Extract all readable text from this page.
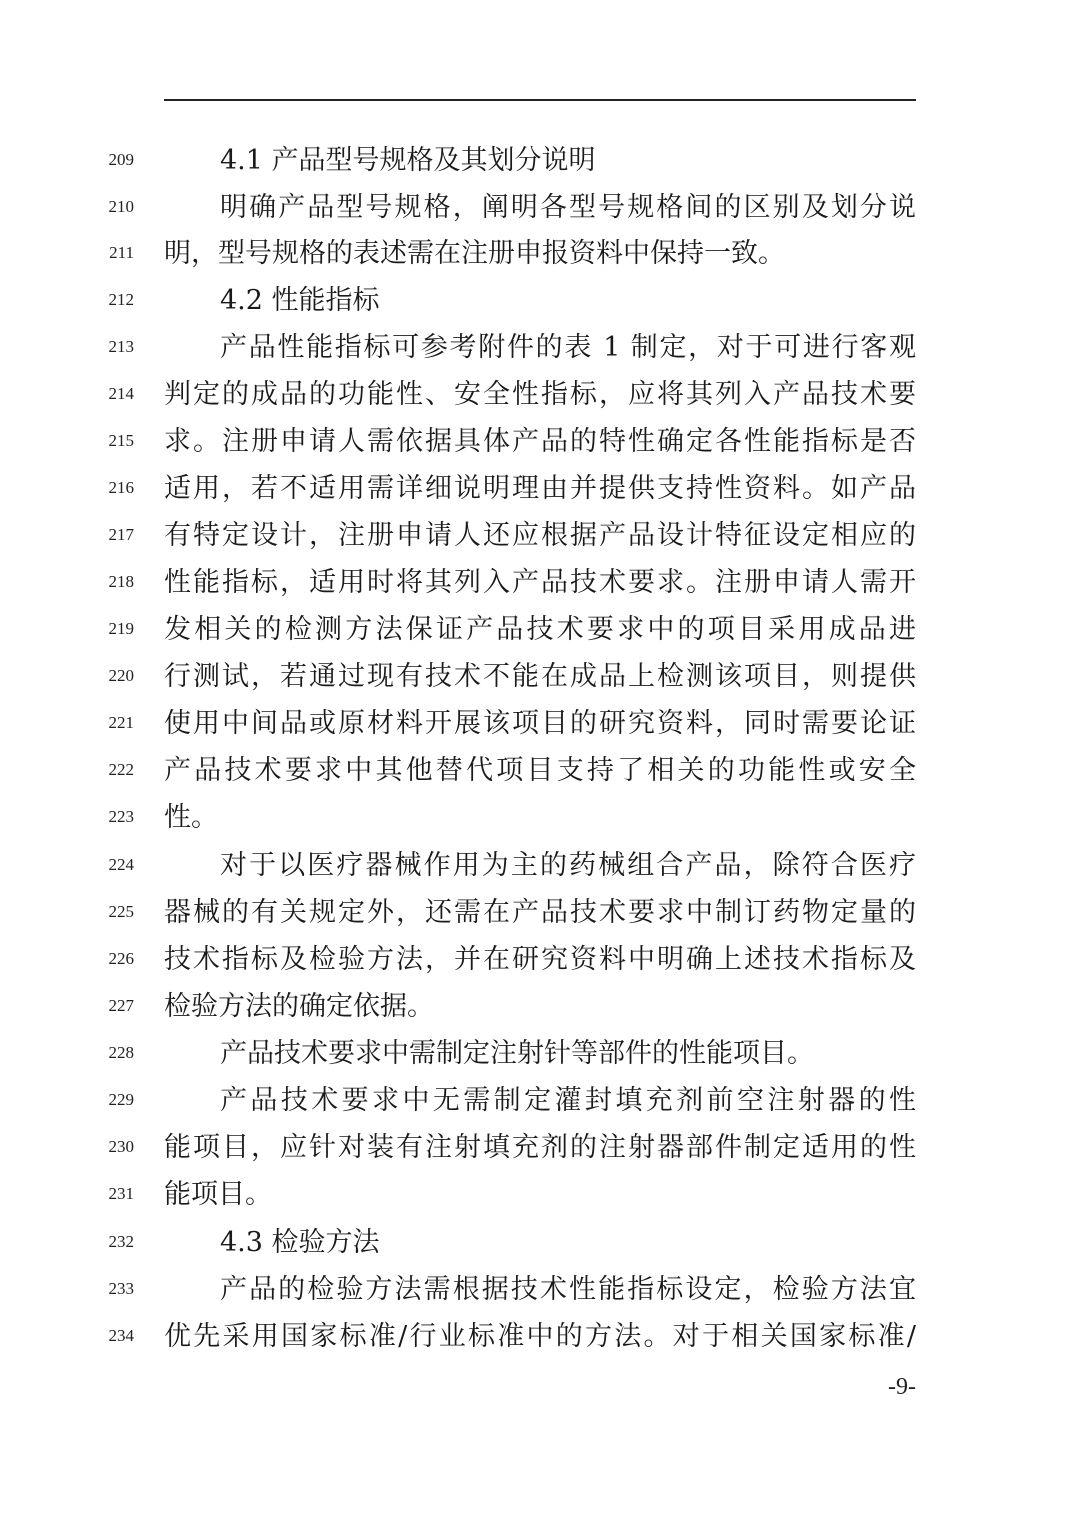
209	4.1 产品型号规格及其划分说明
210	明确产品型号规格，阐明各型号规格间的区别及划分说
211 明，型号规格的表述需在注册申报资料中保持一致。
212	4.2 性能指标
213	产品性能指标可参考附件的表 1 制定，对于可进行客观
214 判定的成品的功能性、安全性指标，应将其列入产品技术要
215 求。注册申请人需依据具体产品的特性确定各性能指标是否
216 适用，若不适用需详细说明理由并提供支持性资料。如产品
217 有特定设计，注册申请人还应根据产品设计特征设定相应的
218 性能指标，适用时将其列入产品技术要求。注册申请人需开
219 发相关的检测方法保证产品技术要求中的项目采用成品进
220 行测试，若通过现有技术不能在成品上检测该项目，则提供
221 使用中间品或原材料开展该项目的研究资料，同时需要论证
222 产品技术要求中其他替代项目支持了相关的功能性或安全
223 性。
224	对于以医疗器械作用为主的药械组合产品，除符合医疗
225 器械的有关规定外，还需在产品技术要求中制订药物定量的
226 技术指标及检验方法，并在研究资料中明确上述技术指标及
227 检验方法的确定依据。
228	产品技术要求中需制定注射针等部件的性能项目。
229	产品技术要求中无需制定灌封填充剂前空注射器的性
230 能项目，应针对装有注射填充剂的注射器部件制定适用的性
231 能项目。
232	4.3 检验方法
233	产品的检验方法需根据技术性能指标设定，检验方法宜
234 优先采用国家标准/行业标准中的方法。对于相关国家标准/
-9-
